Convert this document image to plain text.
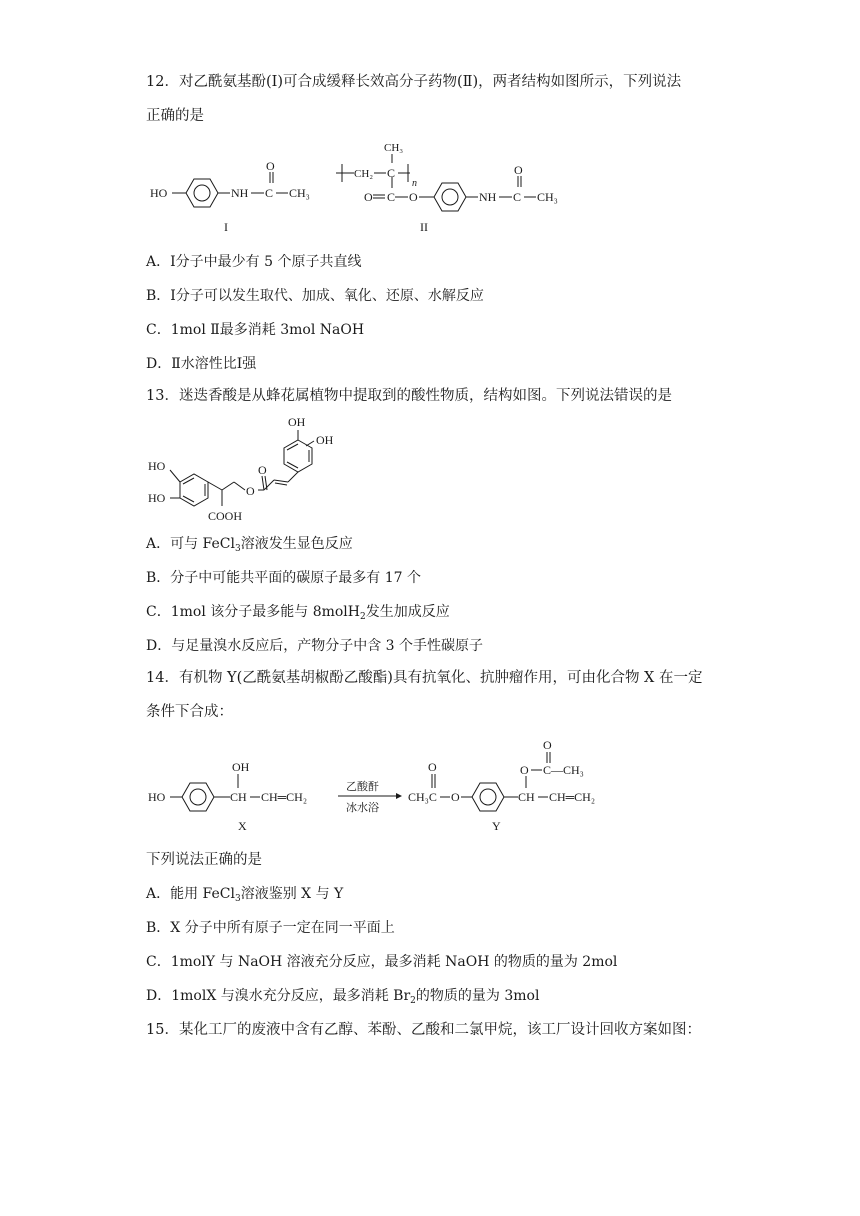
12．对乙酰氨基酚(Ⅰ)可合成缓释长效高分子药物(Ⅱ)，两者结构如图所示，下列说法
正确的是
HO	NH C
O
CH₃
I
CH₂ C
CH₃
n
O C O	NH C
O
CH₃
II
A．Ⅰ分子中最少有 5 个原子共直线
B．Ⅰ分子可以发生取代、加成、氧化、还原、水解反应
C．1mol Ⅱ最多消耗 3mol NaOH
D．Ⅱ水溶性比Ⅰ强
13．迷迭香酸是从蜂花属植物中提取到的酸性物质，结构如图。下列说法错误的是
OH
OH
O
O
COOH
HO
HO
A．可与 FeCl$_3$溶液发生显色反应
B．分子中可能共平面的碳原子最多有 17 个
C．1mol 该分子最多能与 8molH$_2$发生加成反应
D．与足量溴水反应后，产物分子中含 3 个手性碳原子
14．有机物 Y(乙酰氨基胡椒酚乙酸酯)具有抗氧化、抗肿瘤作用，可由化合物 X 在一定
条件下合成：
HO	CH
OH
CH═CH₂
X
乙酸酐
冰水浴
CH₃C
O
O	CH
O C—CH₃
O
CH═CH₂
Y
下列说法正确的是
A．能用 FeCl$_3$溶液鉴别 X 与 Y
B．X 分子中所有原子一定在同一平面上
C．1molY 与 NaOH 溶液充分反应，最多消耗 NaOH 的物质的量为 2mol
D．1molX 与溴水充分反应，最多消耗 $Br_2$的物质的量为 3mol
15．某化工厂的废液中含有乙醇、苯酚、乙酸和二氯甲烷，该工厂设计回收方案如图：
